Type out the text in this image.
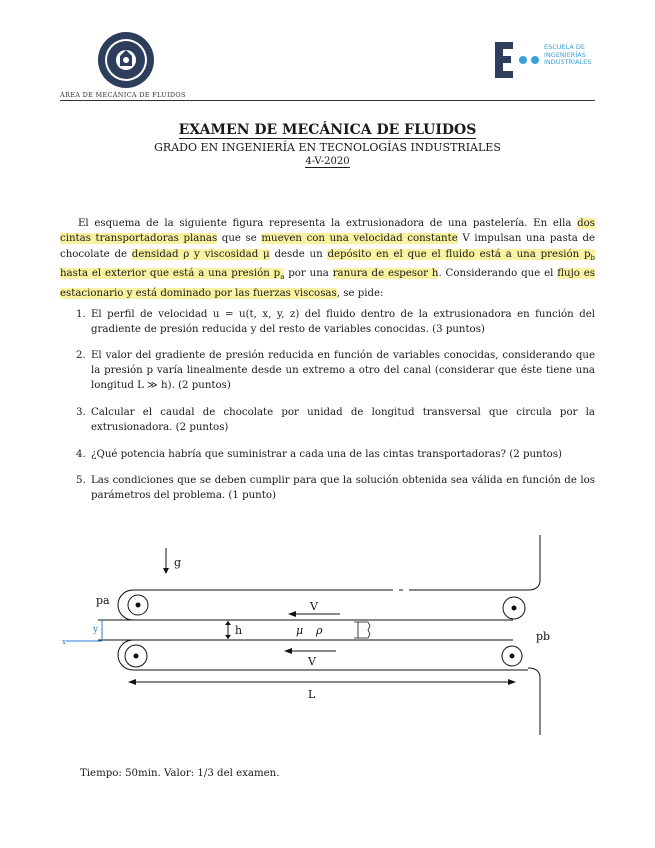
ÁREA DE MECÁNICA DE FLUIDOS
ESCUELA DE
INGENIERÍAS
INDUSTRIALES
EXAMEN DE MECÁNICA DE FLUIDOS
GRADO EN INGENIERÍA EN TECNOLOGÍAS INDUSTRIALES
4-V-2020
El esquema de la siguiente figura representa la extrusionadora de una pastelería. En ella dos cintas transportadoras planas que se mueven con una velocidad constante V impulsan una pasta de chocolate de densidad ρ y viscosidad μ desde un depósito en el que el fluido está a una presión $p_b$ hasta el exterior que está a una presión $p_a$ por una ranura de espesor h. Considerando que el flujo es estacionario y está dominado por las fuerzas viscosas, se pide:
1. El perfil de velocidad u = u(t, x, y, z) del fluido dentro de la extrusionadora en función del gradiente de presión reducida y del resto de variables conocidas. (3 puntos)
2. El valor del gradiente de presión reducida en función de variables conocidas, considerando que la presión p varía linealmente desde un extremo a otro del canal (considerar que éste tiene una longitud L ≫ h). (2 puntos)
3. Calcular el caudal de chocolate por unidad de longitud transversal que circula por la extrusionadora. (2 puntos)
4. ¿Qué potencia habría que suministrar a cada una de las cintas transportadoras? (2 puntos)
5. Las condiciones que se deben cumplir para que la solución obtenida sea válida en función de los parámetros del problema. (1 punto)
g
pa
pb
V
V
h	μ ρ
L
y
x
Tiempo: 50min. Valor: 1/3 del examen.
